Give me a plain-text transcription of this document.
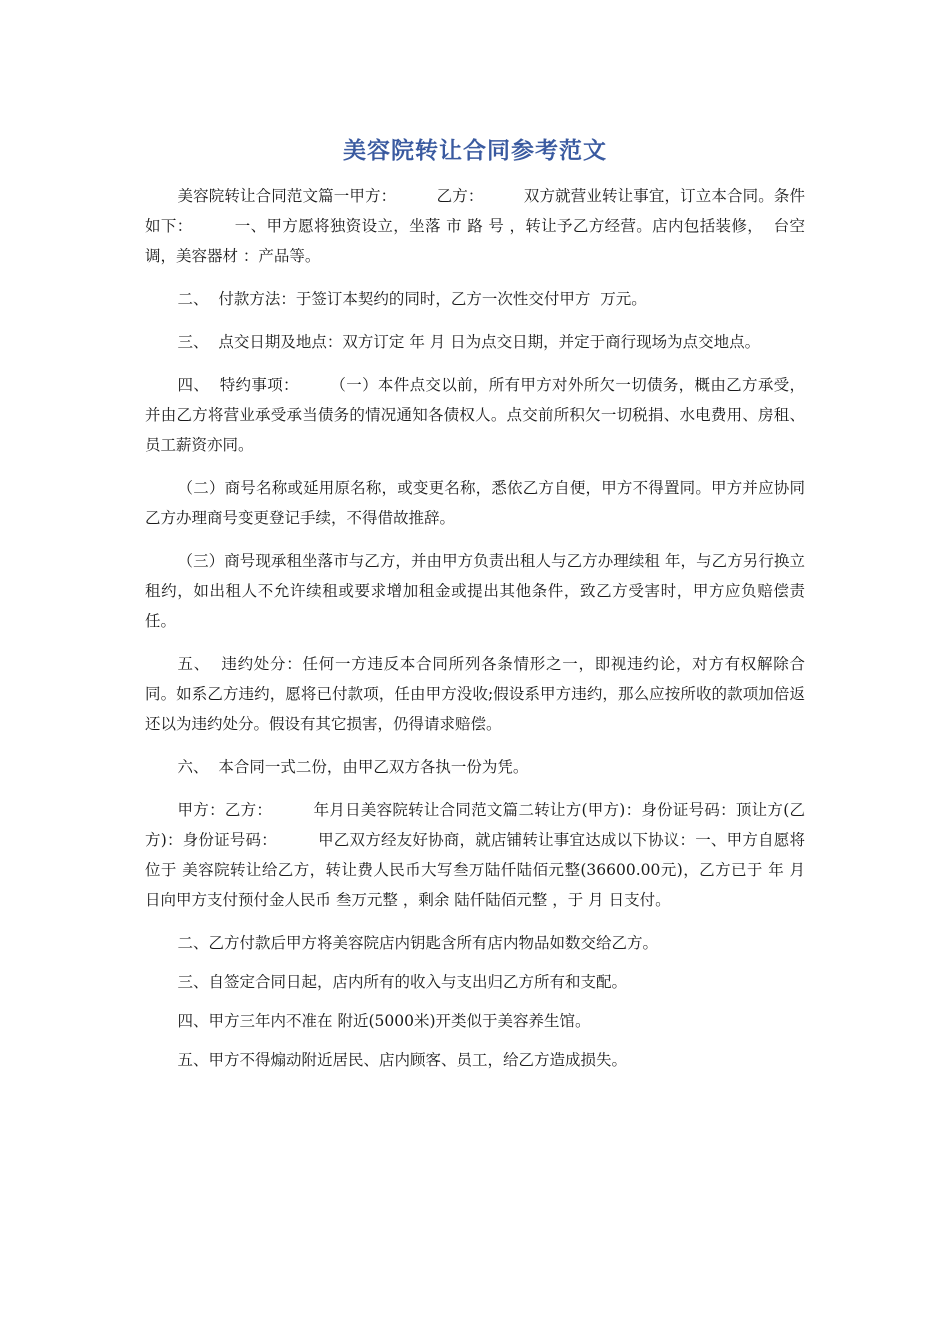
美容院转让合同参考范文

美容院转让合同范文篇一甲方：        乙方：        双方就营业转让事宜，订立本合同。条件如下：        一、甲方愿将独资设立，坐落 市 路 号 ，转让予乙方经营。店内包括装修，  台空调，美容器材 ：产品等。

二、  付款方法：于签订本契约的同时，乙方一次性交付甲方  万元。

三、  点交日期及地点：双方订定 年 月 日为点交日期，并定于商行现场为点交地点。

四、  特约事项：      （一）本件点交以前，所有甲方对外所欠一切债务，概由乙方承受，并由乙方将营业承受承当债务的情况通知各债权人。点交前所积欠一切税捐、水电费用、房租、员工薪资亦同。

（二）商号名称或延用原名称，或变更名称，悉依乙方自便，甲方不得置同。甲方并应协同乙方办理商号变更登记手续，不得借故推辞。

（三）商号现承租坐落市与乙方，并由甲方负责出租人与乙方办理续租 年，与乙方另行换立租约，如出租人不允许续租或要求增加租金或提出其他条件，致乙方受害时，甲方应负赔偿责任。

五、  违约处分：任何一方违反本合同所列各条情形之一，即视违约论，对方有权解除合同。如系乙方违约，愿将已付款项，任由甲方没收;假设系甲方违约，那么应按所收的款项加倍返还以为违约处分。假设有其它损害，仍得请求赔偿。

六、  本合同一式二份，由甲乙双方各执一份为凭。

甲方：乙方：        年月日美容院转让合同范文篇二转让方(甲方)：身份证号码：顶让方(乙方)：身份证号码：        甲乙双方经友好协商，就店铺转让事宜达成以下协议：一、甲方自愿将位于 美容院转让给乙方，转让费人民币大写叁万陆仟陆佰元整(36600.00元)，乙方已于 年 月 日向甲方支付预付金人民币 叁万元整 ，剩余 陆仟陆佰元整 ，于 月 日支付。

二、乙方付款后甲方将美容院店内钥匙含所有店内物品如数交给乙方。

三、自签定合同日起，店内所有的收入与支出归乙方所有和支配。

四、甲方三年内不准在 附近(5000米)开类似于美容养生馆。

五、甲方不得煽动附近居民、店内顾客、员工，给乙方造成损失。
